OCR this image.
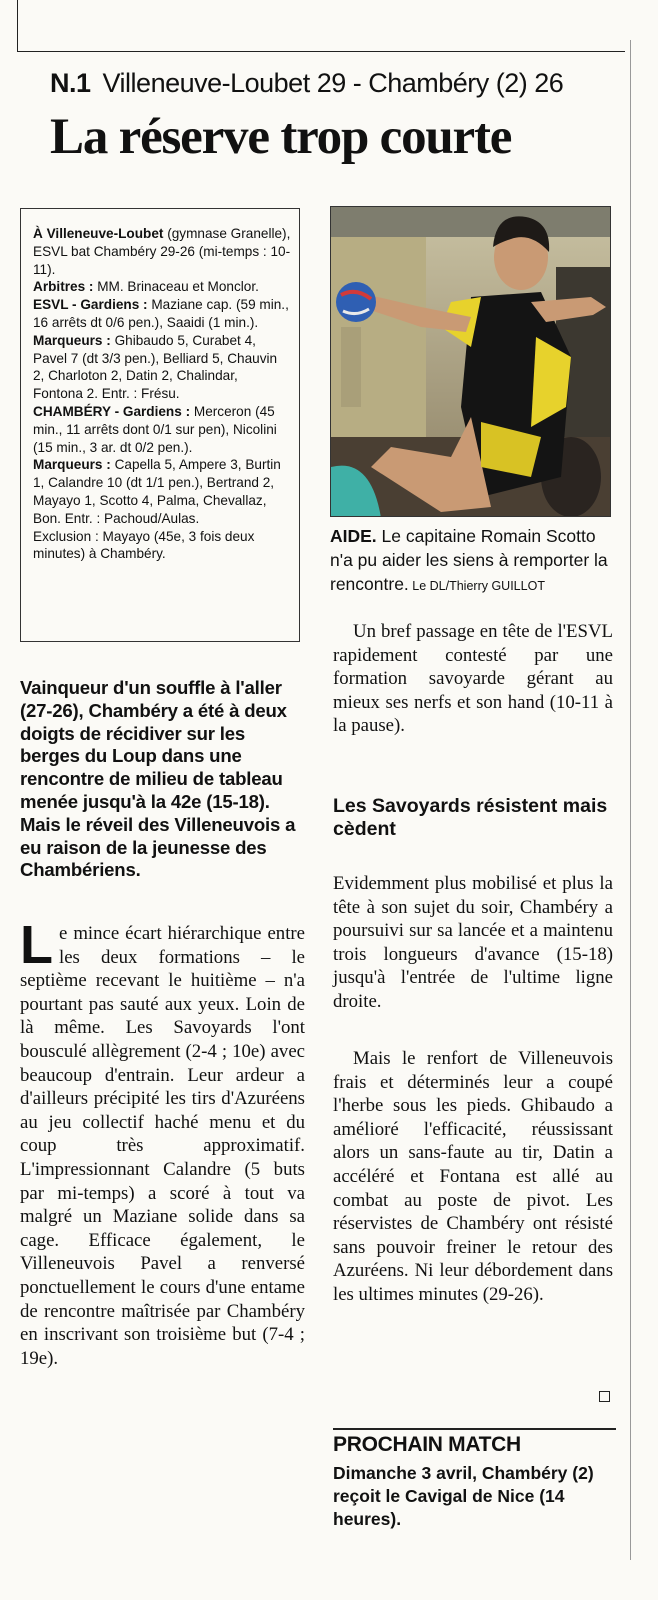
N.1 Villeneuve-Loubet 29 - Chambéry (2) 26
La réserve trop courte

À Villeneuve-Loubet (gymnase Granelle), ESVL bat Chambéry 29-26 (mi-temps : 10-11).

Arbitres : MM. Brinaceau et Monclor.

ESVL - Gardiens : Maziane cap. (59 min., 16 arrêts dt 0/6 pen.), Saaidi (1 min.).

Marqueurs : Ghibaudo 5, Curabet 4, Pavel 7 (dt 3/3 pen.), Belliard 5, Chauvin 2, Charloton 2, Datin 2, Chalindar, Fontona 2. Entr. : Frésu.

CHAMBÉRY - Gardiens : Merceron (45 min., 11 arrêts dont 0/1 sur pen), Nicolini (15 min., 3 ar. dt 0/2 pen.).

Marqueurs : Capella 5, Ampere 3, Burtin 1, Calandre 10 (dt 1/1 pen.), Bertrand 2, Mayayo 1, Scotto 4, Palma, Chevallaz, Bon. Entr. : Pachoud/Aulas.

Exclusion : Mayayo (45e, 3 fois deux minutes) à Chambéry.

AIDE. Le capitaine Romain Scotto n'a pu aider les siens à remporter la rencontre. Le DL/Thierry GUILLOT
Vainqueur d'un souffle à l'aller (27-26), Chambéry a été à deux doigts de récidiver sur les berges du Loup dans une rencontre de milieu de tableau menée jusqu'à la 42e (15-18). Mais le réveil des Villeneuvois a eu raison de la jeunesse des Chambériens.
Le mince écart hiérarchique entre les deux formations – le septième recevant le huitième – n'a pourtant pas sauté aux yeux. Loin de là même. Les Savoyards l'ont bousculé allègrement (2-4 ; 10e) avec beaucoup d'entrain. Leur ardeur a d'ailleurs précipité les tirs d'Azuréens au jeu collectif haché menu et du coup très approximatif. L'impressionnant Calandre (5 buts par mi-temps) a scoré à tout va malgré un Maziane solide dans sa cage. Efficace également, le Villeneuvois Pavel a renversé ponctuellement le cours d'une entame de rencontre maîtrisée par Chambéry en inscrivant son troisième but (7-4 ; 19e).
Un bref passage en tête de l'ESVL rapidement contesté par une formation savoyarde gérant au mieux ses nerfs et son hand (10-11 à la pause).
Les Savoyards résistent mais cèdent
Evidemment plus mobilisé et plus la tête à son sujet du soir, Chambéry a poursuivi sur sa lancée et a maintenu trois longueurs d'avance (15-18) jusqu'à l'entrée de l'ultime ligne droite.
Mais le renfort de Villeneuvois frais et déterminés leur a coupé l'herbe sous les pieds. Ghibaudo a amélioré l'efficacité, réussissant alors un sans-faute au tir, Datin a accéléré et Fontana est allé au combat au poste de pivot. Les réservistes de Chambéry ont résisté sans pouvoir freiner le retour des Azuréens. Ni leur débordement dans les ultimes minutes (29-26).
PROCHAIN MATCH
Dimanche 3 avril, Chambéry (2) reçoit le Cavigal de Nice (14 heures).
